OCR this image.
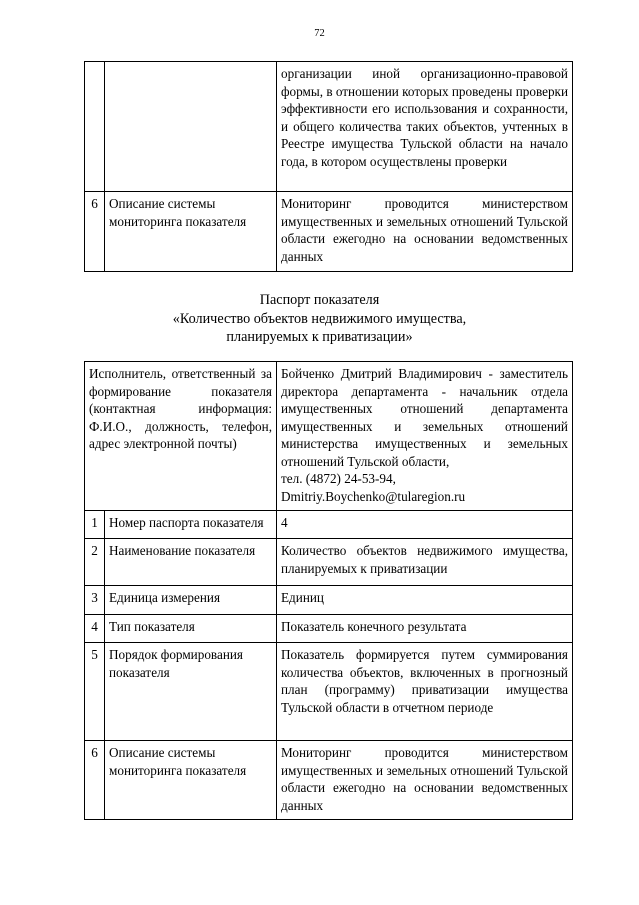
72
		организации иной организационно-правовой формы, в отношении которых проведены проверки эффективности его использования и сохранности, и общего количества таких объектов, учтенных в Реестре имущества Тульской области на начало года, в котором осуществлены проверки
6	Описание системы мониторинга показателя	Мониторинг проводится министерством имущественных и земельных отношений Тульской области ежегодно на основании ведомственных данных
Паспорт показателя
«Количество объектов недвижимого имущества,
планируемых к приватизации»
Исполнитель, ответственный за формирование показателя (контактная информация: Ф.И.О., должность, телефон, адрес электронной почты)		Бойченко Дмитрий Владимирович - заместитель директора департамента - начальник отдела имущественных отношений департамента имущественных и земельных отношений министерства имущественных и земельных отношений Тульской области,
тел. (4872) 24-53-94,
Dmitriy.Boychenko@tularegion.ru

1	Номер паспорта показателя	4
2	Наименование показателя	Количество объектов недвижимого имущества, планируемых к приватизации
3	Единица измерения	Единиц
4	Тип показателя	Показатель конечного результата
5	Порядок формирования показателя	Показатель формируется путем суммирования количества объектов, включенных в прогнозный план (программу) приватизации имущества Тульской области в отчетном периоде
6	Описание системы мониторинга показателя	Мониторинг проводится министерством имущественных и земельных отношений Тульской области ежегодно на основании ведомственных данных
